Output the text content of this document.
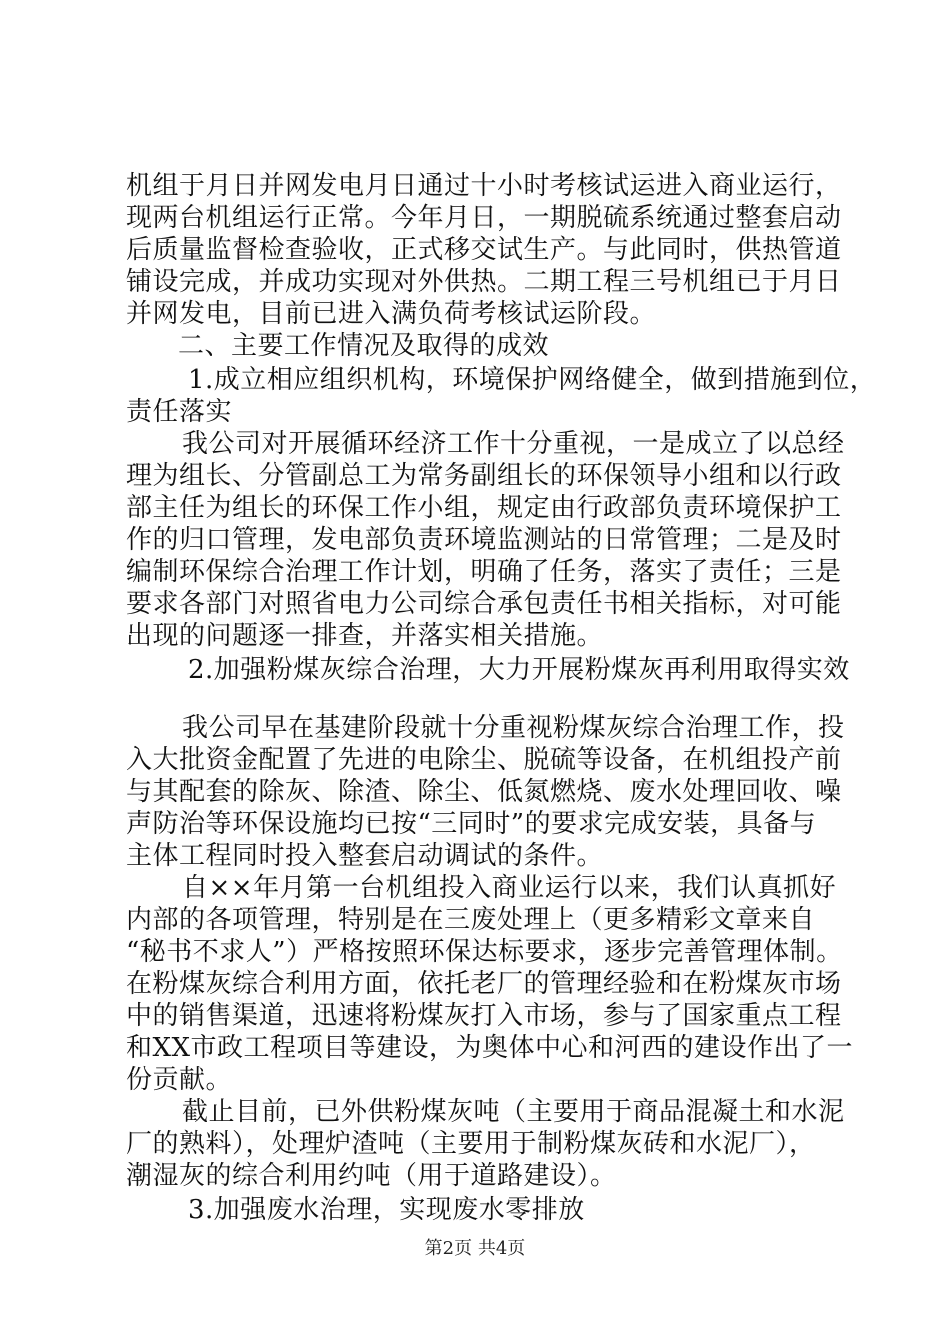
机组于月日并网发电月日通过十小时考核试运进入商业运行，
现两台机组运行正常。今年月日，一期脱硫系统通过整套启动
后质量监督检查验收，正式移交试生产。与此同时，供热管道
铺设完成，并成功实现对外供热。二期工程三号机组已于月日
并网发电，目前已进入满负荷考核试运阶段。
二、主要工作情况及取得的成效
1.成立相应组织机构，环境保护网络健全，做到措施到位，
责任落实
我公司对开展循环经济工作十分重视，一是成立了以总经
理为组长、分管副总工为常务副组长的环保领导小组和以行政
部主任为组长的环保工作小组，规定由行政部负责环境保护工
作的归口管理，发电部负责环境监测站的日常管理；二是及时
编制环保综合治理工作计划，明确了任务，落实了责任；三是
要求各部门对照省电力公司综合承包责任书相关指标，对可能
出现的问题逐一排查，并落实相关措施。
2.加强粉煤灰综合治理，大力开展粉煤灰再利用取得实效
我公司早在基建阶段就十分重视粉煤灰综合治理工作，投
入大批资金配置了先进的电除尘、脱硫等设备，在机组投产前
与其配套的除灰、除渣、除尘、低氮燃烧、废水处理回收、噪
声防治等环保设施均已按“三同时”的要求完成安装，具备与
主体工程同时投入整套启动调试的条件。
自××年月第一台机组投入商业运行以来，我们认真抓好
内部的各项管理，特别是在三废处理上（更多精彩文章来自
“秘书不求人”）严格按照环保达标要求，逐步完善管理体制。
在粉煤灰综合利用方面，依托老厂的管理经验和在粉煤灰市场
中的销售渠道，迅速将粉煤灰打入市场，参与了国家重点工程
和XX市政工程项目等建设，为奥体中心和河西的建设作出了一
份贡献。
截止目前，已外供粉煤灰吨（主要用于商品混凝土和水泥
厂的熟料），处理炉渣吨（主要用于制粉煤灰砖和水泥厂），
潮湿灰的综合利用约吨（用于道路建设）。
3.加强废水治理，实现废水零排放
第2页 共4页
